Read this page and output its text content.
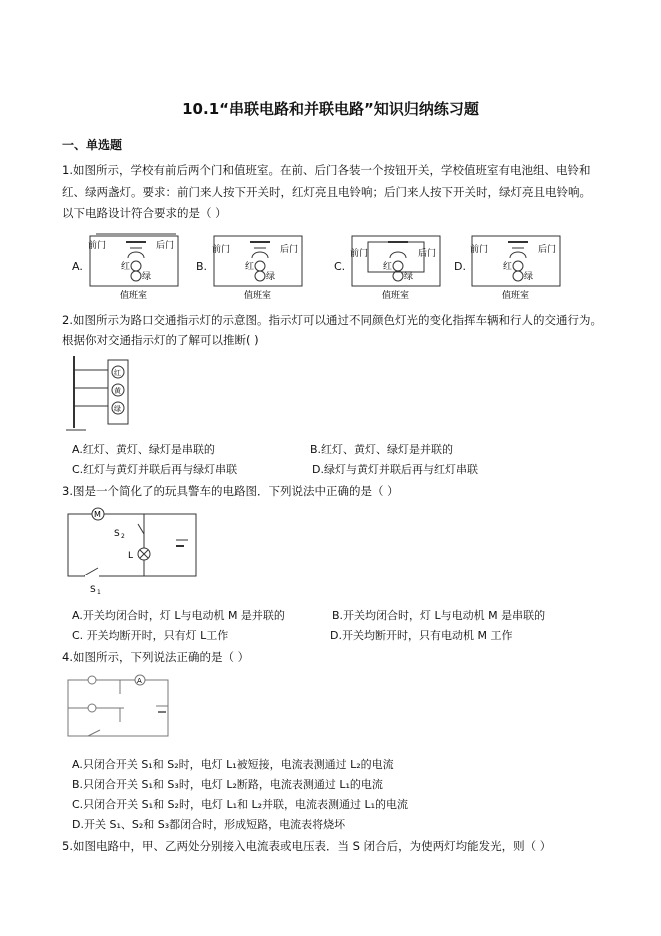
10.1“串联电路和并联电路”知识归纳练习题
一、单选题
1.如图所示，学校有前后两个门和值班室。在前、后门各装一个按钮开关，学校值班室有电池组、电铃和
红、绿两盏灯。要求：前门来人按下开关时，红灯亮且电铃响；后门来人按下开关时，绿灯亮且电铃响。
以下电路设计符合要求的是（ ）
A.
前门	后门
红
绿
值班室
B.
前门	后门
红
绿
值班室
C.
前门	后门
红
绿
值班室
D.
前门	后门
红
绿
值班室
2.如图所示为路口交通指示灯的示意图。指示灯可以通过不同颜色灯光的变化指挥车辆和行人的交通行为。
根据你对交通指示灯的了解可以推断( )
红
黄
绿
A.红灯、黄灯、绿灯是串联的	B.红灯、黄灯、绿灯是并联的
C.红灯与黄灯并联后再与绿灯串联	D.绿灯与黄灯并联后再与红灯串联
3.图是一个简化了的玩具警车的电路图．下列说法中正确的是（ ）
M
S 2
L
S 1
A.开关均闭合时，灯 L与电动机 M 是并联的	B.开关均闭合时，灯 L与电动机 M 是串联的
C. 开关均断开时，只有灯 L工作	D.开关均断开时，只有电动机 M 工作
4.如图所示，下列说法正确的是（ ）
A
A.只闭合开关 S₁和 S₂时，电灯 L₁被短接，电流表测通过 L₂的电流
B.只闭合开关 S₁和 S₃时，电灯 L₂断路，电流表测通过 L₁的电流
C.只闭合开关 S₁和 S₂时，电灯 L₁和 L₂并联，电流表测通过 L₁的电流
D.开关 S₁、S₂和 S₃都闭合时，形成短路，电流表将烧坏
5.如图电路中，甲、乙两处分别接入电流表或电压表．当 S 闭合后，为使两灯均能发光，则（ ）
